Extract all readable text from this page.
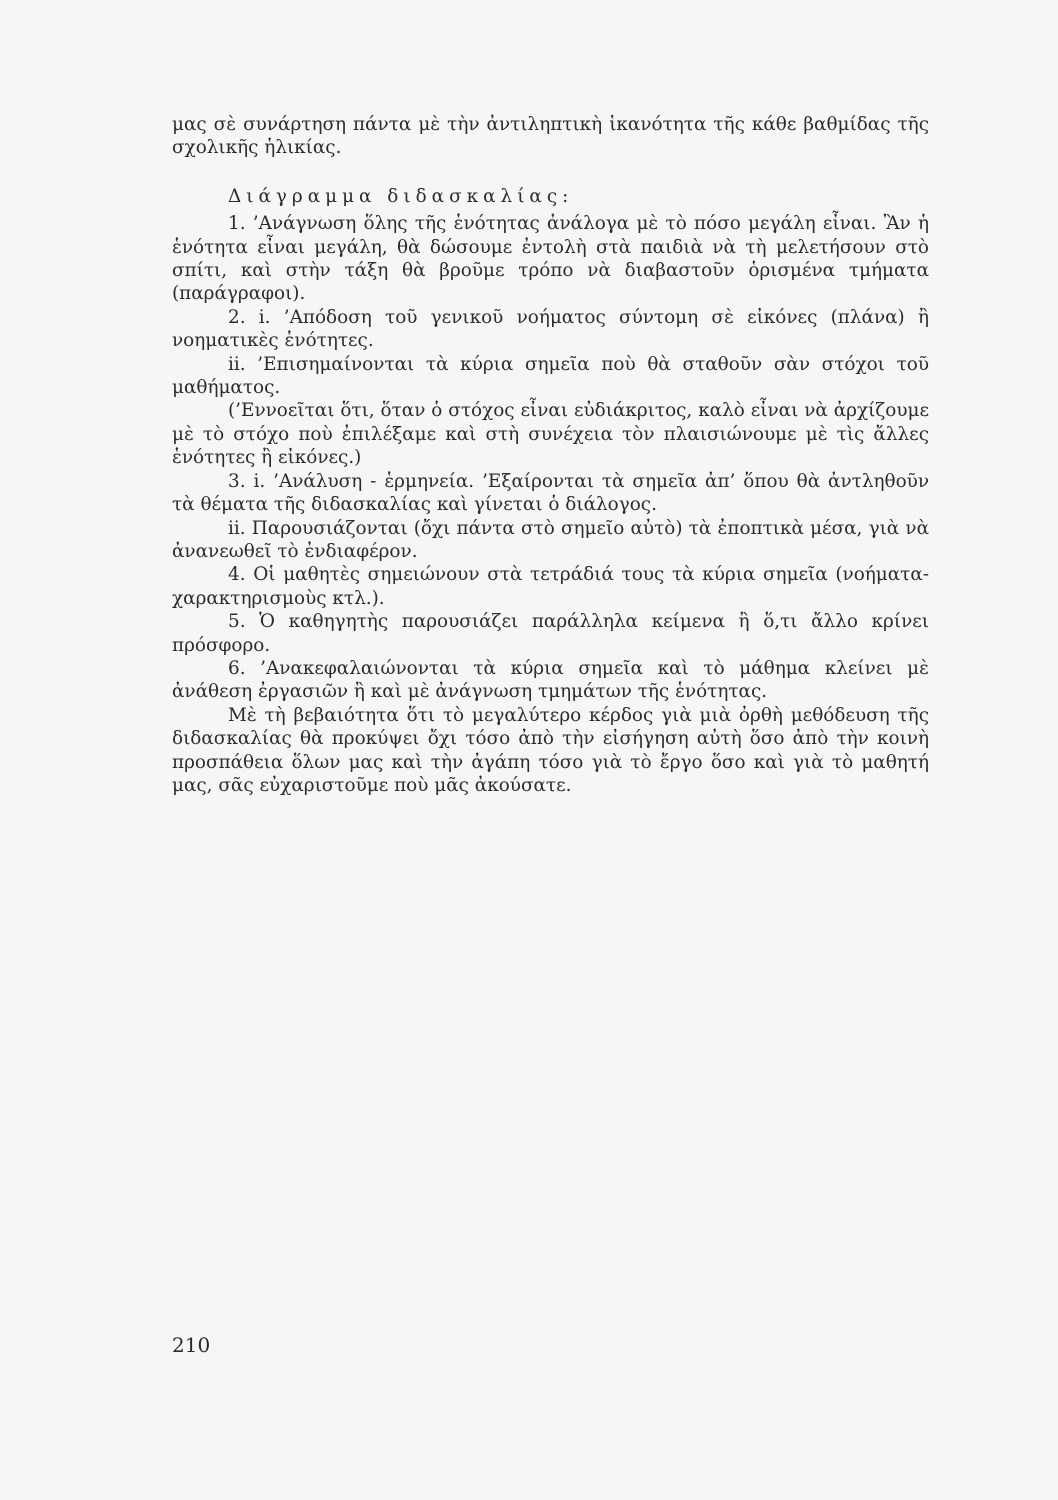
μας σὲ συνάρτηση πάντα μὲ τὴν ἀντιληπτικὴ ἱκανότητα τῆς κάθε βαθμίδας τῆς σχολικῆς ἡλικίας.

Διάγραμμα διδασκαλίας:

1. ’Ανάγνωση ὅλης τῆς ἑνότητας ἀνάλογα μὲ τὸ πόσο μεγάλη εἶναι. Ἂν ἡ ἑνότητα εἶναι μεγάλη, θὰ δώσουμε ἐντολὴ στὰ παιδιὰ νὰ τὴ μελετήσουν στὸ σπίτι, καὶ στὴν τάξη θὰ βροῦμε τρόπο νὰ διαβαστοῦν ὁρισμένα τμήματα (παράγραφοι).

2. i. ’Απόδοση τοῦ γενικοῦ νοήματος σύντομη σὲ εἰκόνες (πλάνα) ἢ νοηματικὲς ἑνότητες.

ii. ’Επισημαίνονται τὰ κύρια σημεῖα ποὺ θὰ σταθοῦν σὰν στόχοι τοῦ μαθήματος.

(’Εννοεῖται ὅτι, ὅταν ὁ στόχος εἶναι εὐδιάκριτος, καλὸ εἶναι νὰ ἀρχίζουμε μὲ τὸ στόχο ποὺ ἐπιλέξαμε καὶ στὴ συνέχεια τὸν πλαισιώνουμε μὲ τὶς ἄλλες ἑνότητες ἢ εἰκόνες.)

3. i. ’Ανάλυση - ἑρμηνεία. ’Εξαίρονται τὰ σημεῖα ἀπ’ ὅπου θὰ ἀντληθοῦν τὰ θέματα τῆς διδασκαλίας καὶ γίνεται ὁ διάλογος.

ii. Παρουσιάζονται (ὄχι πάντα στὸ σημεῖο αὐτὸ) τὰ ἐποπτικὰ μέσα, γιὰ νὰ ἀνανεωθεῖ τὸ ἐνδιαφέρον.

4. Οἱ μαθητὲς σημειώνουν στὰ τετράδιά τους τὰ κύρια σημεῖα (νοήματα-χαρακτηρισμοὺς κτλ.).

5. Ὁ καθηγητὴς παρουσιάζει παράλληλα κείμενα ἢ ὅ,τι ἄλλο κρίνει πρόσφορο.

6. ’Ανακεφαλαιώνονται τὰ κύρια σημεῖα καὶ τὸ μάθημα κλείνει μὲ ἀνάθεση ἐργασιῶν ἢ καὶ μὲ ἀνάγνωση τμημάτων τῆς ἑνότητας.

Μὲ τὴ βεβαιότητα ὅτι τὸ μεγαλύτερο κέρδος γιὰ μιὰ ὀρθὴ μεθόδευση τῆς διδασκαλίας θὰ προκύψει ὄχι τόσο ἀπὸ τὴν εἰσήγηση αὐτὴ ὅσο ἀπὸ τὴν κοινὴ προσπάθεια ὅλων μας καὶ τὴν ἀγάπη τόσο γιὰ τὸ ἔργο ὅσο καὶ γιὰ τὸ μαθητή μας, σᾶς εὐχαριστοῦμε ποὺ μᾶς ἀκούσατε.

210
